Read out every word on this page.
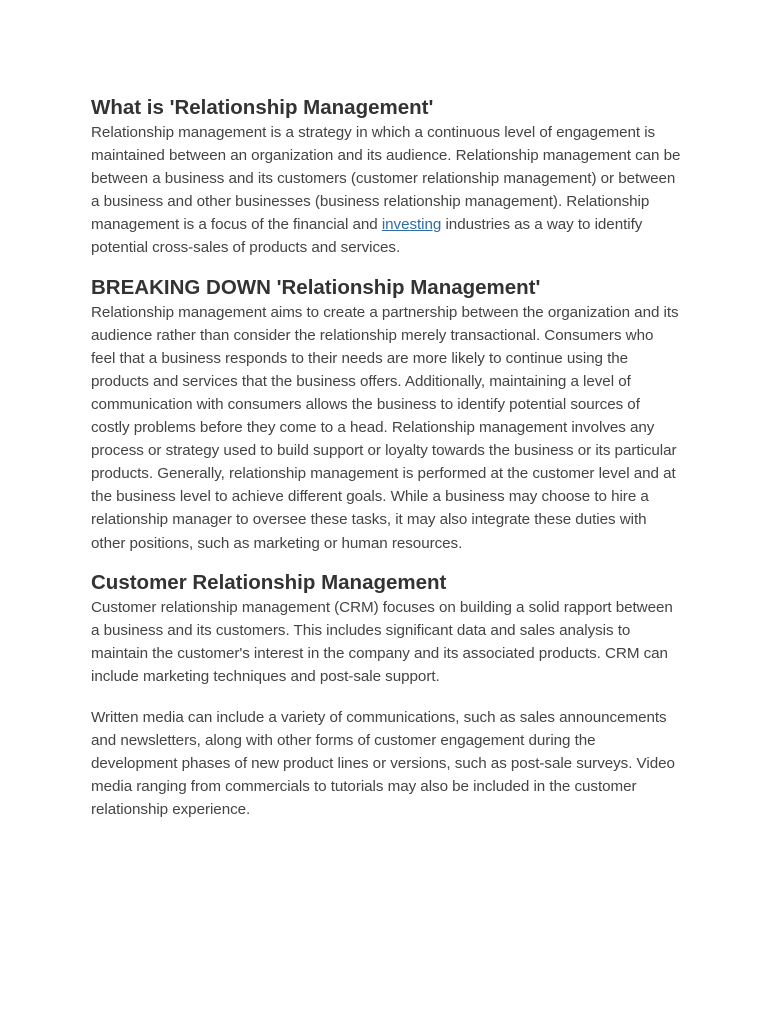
What is 'Relationship Management'

Relationship management is a strategy in which a continuous level of engagement is maintained between an organization and its audience. Relationship management can be between a business and its customers (customer relationship management) or between a business and other businesses (business relationship management). Relationship management is a focus of the financial and investing industries as a way to identify potential cross-sales of products and services.

BREAKING DOWN 'Relationship Management'

Relationship management aims to create a partnership between the organization and its audience rather than consider the relationship merely transactional. Consumers who feel that a business responds to their needs are more likely to continue using the products and services that the business offers. Additionally, maintaining a level of communication with consumers allows the business to identify potential sources of costly problems before they come to a head. Relationship management involves any process or strategy used to build support or loyalty towards the business or its particular products. Generally, relationship management is performed at the customer level and at the business level to achieve different goals. While a business may choose to hire a relationship manager to oversee these tasks, it may also integrate these duties with other positions, such as marketing or human resources.

Customer Relationship Management

Customer relationship management (CRM) focuses on building a solid rapport between a business and its customers. This includes significant data and sales analysis to maintain the customer's interest in the company and its associated products. CRM can include marketing techniques and post-sale support.

Written media can include a variety of communications, such as sales announcements and newsletters, along with other forms of customer engagement during the development phases of new product lines or versions, such as post-sale surveys. Video media ranging from commercials to tutorials may also be included in the customer relationship experience.
